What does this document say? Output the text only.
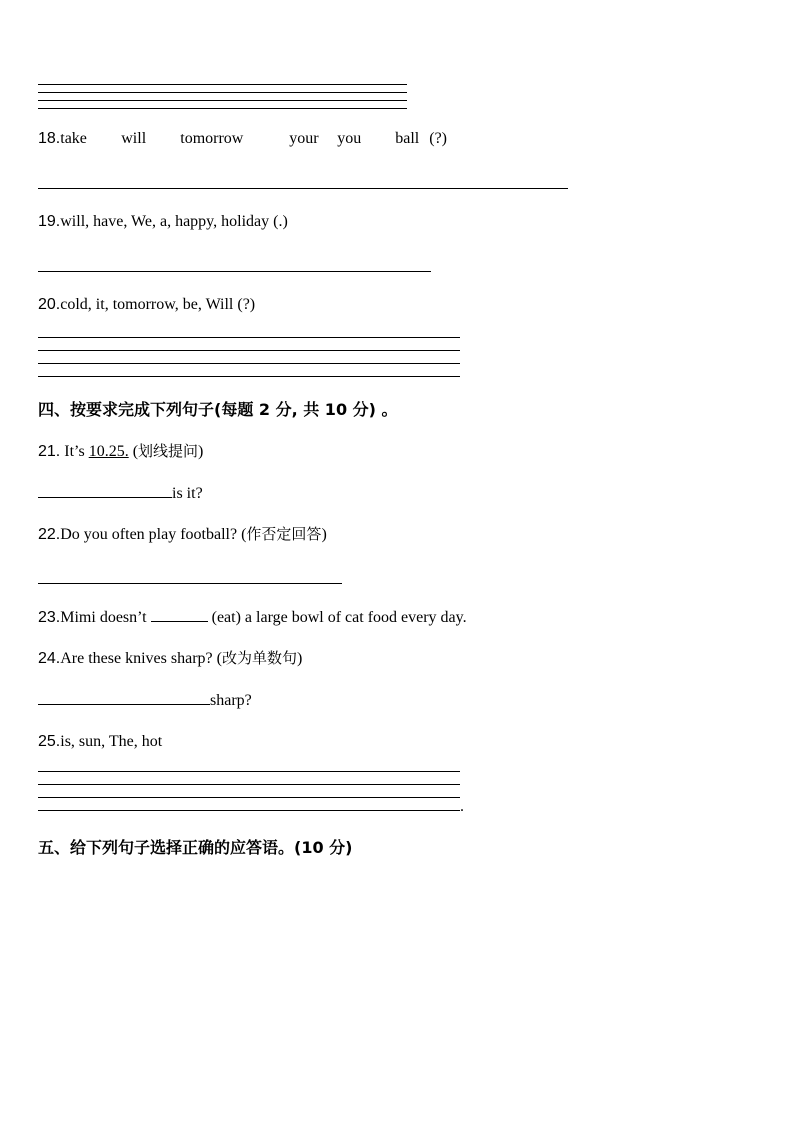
18.take will tomorrow	your you ball (?)
19.will, have, We, a, happy, holiday (.)
20.cold, it, tomorrow, be, Will (?)
四、按要求完成下列句子(每题 2 分, 共 10 分) 。
21. It’s 10.25. (划线提问)
is it?
22.Do you often play football? (作否定回答)
23.Mimi doesn’t	(eat) a large bowl of cat food every day.
24.Are these knives sharp? (改为单数句)
sharp?
25.is, sun, The, hot
.
五、给下列句子选择正确的应答语。(10 分)
